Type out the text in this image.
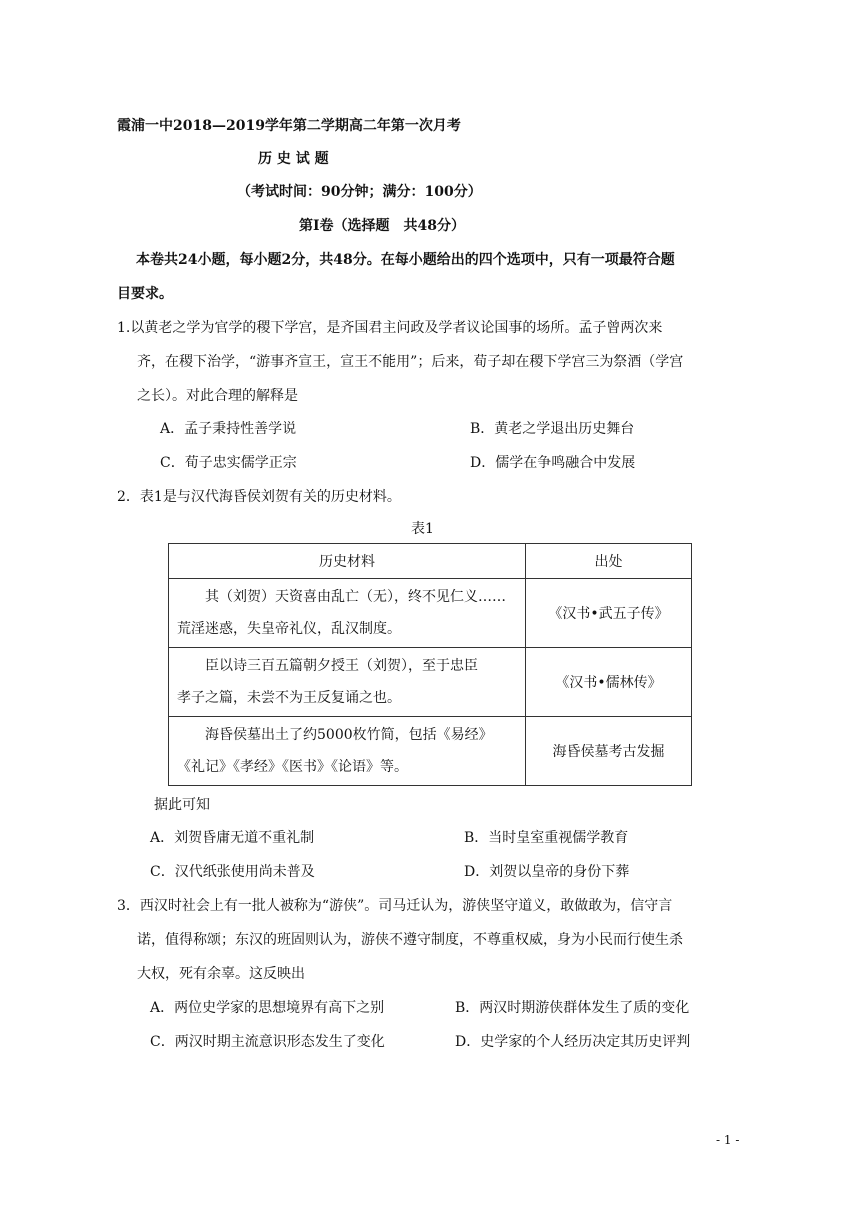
霞浦一中2018—2019学年第二学期高二年第一次月考
历 史 试 题
（考试时间：90分钟；满分：100分）
第Ⅰ卷（选择题　共48分）
本卷共24小题，每小题2分，共48分。在每小题给出的四个选项中，只有一项最符合题
目要求。
1.以黄老之学为官学的稷下学宫，是齐国君主问政及学者议论国事的场所。孟子曾两次来
齐，在稷下治学，“游事齐宣王，宣王不能用”；后来，荀子却在稷下学宫三为祭酒（学宫
之长）。对此合理的解释是
A．孟子秉持性善学说	B．黄老之学退出历史舞台
C．荀子忠实儒学正宗	D．儒学在争鸣融合中发展
2．表1是与汉代海昏侯刘贺有关的历史材料。
表1
历史材料	出处

其（刘贺）天资喜由乱亡（无），终不见仁义……
荒淫迷惑，失皇帝礼仪，乱汉制度。	《汉书•武五子传》

臣以诗三百五篇朝夕授王（刘贺），至于忠臣
孝子之篇，未尝不为王反复诵之也。	《汉书•儒林传》

海昏侯墓出土了约5000枚竹简，包括《易经》
《礼记》《孝经》《医书》《论语》等。	海昏侯墓考古发掘
据此可知
A．刘贺昏庸无道不重礼制	B．当时皇室重视儒学教育
C．汉代纸张使用尚未普及	D．刘贺以皇帝的身份下葬
3．西汉时社会上有一批人被称为“游侠”。司马迁认为，游侠坚守道义，敢做敢为，信守言
诺，值得称颂；东汉的班固则认为，游侠不遵守制度，不尊重权威，身为小民而行使生杀
大权，死有余辜。这反映出
A．两位史学家的思想境界有高下之别	B．两汉时期游侠群体发生了质的变化
C．两汉时期主流意识形态发生了变化	D．史学家的个人经历决定其历史评判
- 1 -
